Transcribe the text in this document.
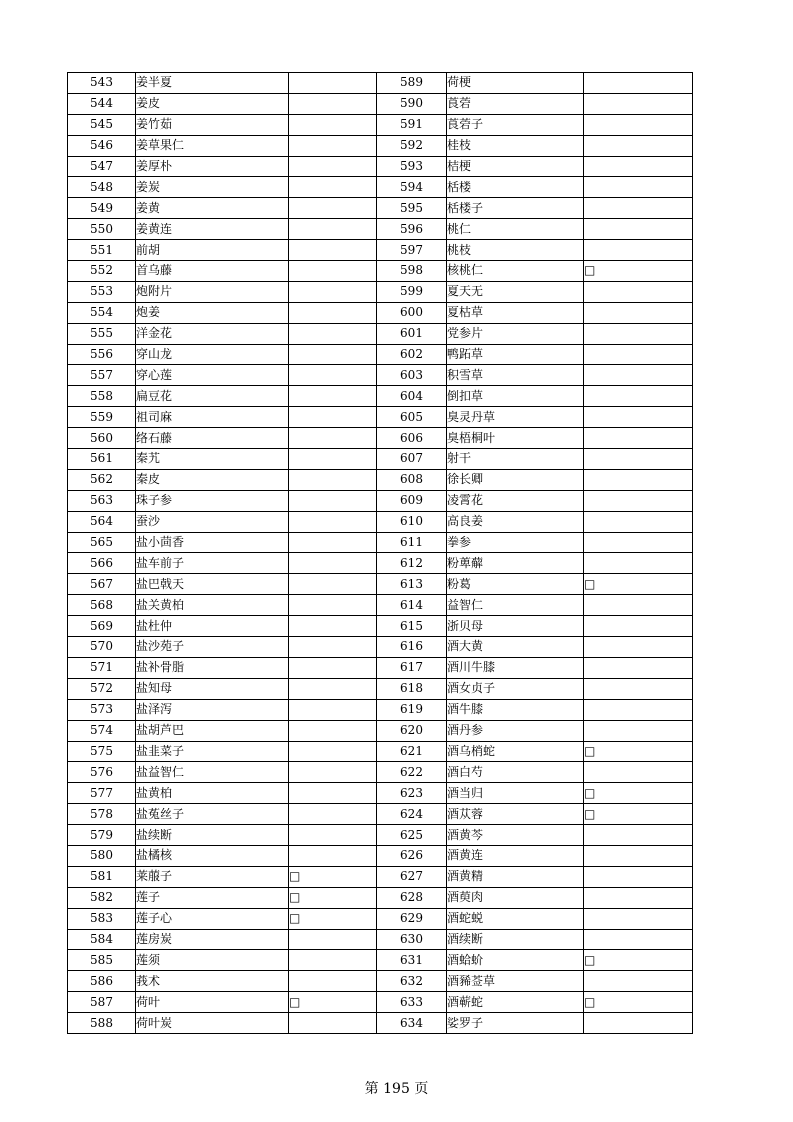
543	姜半夏		589	荷梗	
544	姜皮		590	莨菪	
545	姜竹茹		591	莨菪子	
546	姜草果仁		592	桂枝	
547	姜厚朴		593	桔梗	
548	姜炭		594	栝楼	
549	姜黄		595	栝楼子	
550	姜黄连		596	桃仁	
551	前胡		597	桃枝	
552	首乌藤		598	核桃仁	□
553	炮附片		599	夏天无	
554	炮姜		600	夏枯草	
555	洋金花		601	党参片	
556	穿山龙		602	鸭跖草	
557	穿心莲		603	积雪草	
558	扁豆花		604	倒扣草	
559	祖司麻		605	臭灵丹草	
560	络石藤		606	臭梧桐叶	
561	秦艽		607	射干	
562	秦皮		608	徐长卿	
563	珠子参		609	凌霄花	
564	蚕沙		610	高良姜	
565	盐小茴香		611	拳参	
566	盐车前子		612	粉萆薢	
567	盐巴戟天		613	粉葛	□
568	盐关黄柏		614	益智仁	
569	盐杜仲		615	浙贝母	
570	盐沙苑子		616	酒大黄	
571	盐补骨脂		617	酒川牛膝	
572	盐知母		618	酒女贞子	
573	盐泽泻		619	酒牛膝	
574	盐胡芦巴		620	酒丹参	
575	盐韭菜子		621	酒乌梢蛇	□
576	盐益智仁		622	酒白芍	
577	盐黄柏		623	酒当归	□
578	盐菟丝子		624	酒苁蓉	□
579	盐续断		625	酒黄芩	
580	盐橘核		626	酒黄连	
581	莱菔子	□	627	酒黄精	
582	莲子	□	628	酒萸肉	
583	莲子心	□	629	酒蛇蜕	
584	莲房炭		630	酒续断	
585	莲须		631	酒蛤蚧	□
586	莪术		632	酒豨莶草	
587	荷叶	□	633	酒蕲蛇	□
588	荷叶炭		634	娑罗子	
第 195 页
